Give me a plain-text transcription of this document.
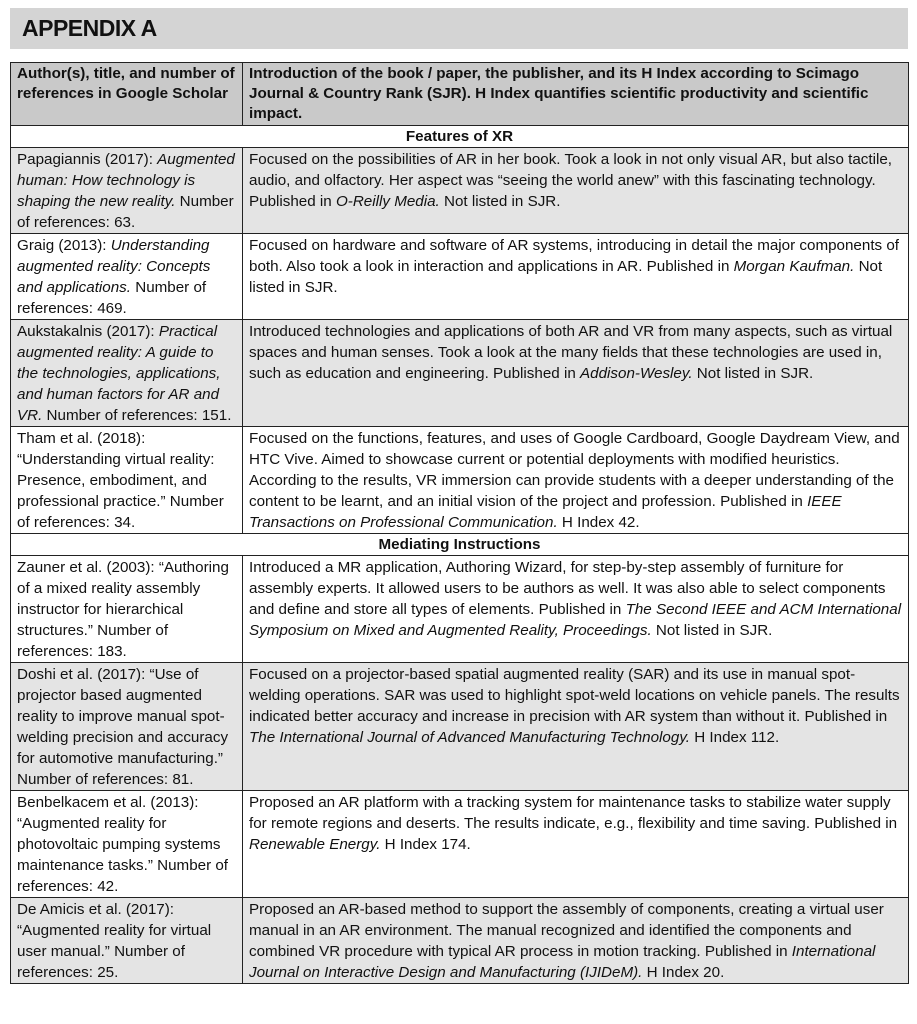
APPENDIX A
Author(s), title, and number of references in Google Scholar	Introduction of the book / paper, the publisher, and its H Index according to Scimago Journal & Country Rank (SJR). H Index quantifies scientific productivity and scientific impact.
Features of XR	
Papagiannis (2017): Augmented human: How technology is shaping the new reality. Number of references: 63.	Focused on the possibilities of AR in her book. Took a look in not only visual AR, but also tactile, audio, and olfactory. Her aspect was “seeing the world anew” with this fascinating technology. Published in O-Reilly Media. Not listed in SJR.
Graig (2013): Understanding augmented reality: Concepts and applications. Number of references: 469.	Focused on hardware and software of AR systems, introducing in detail the major components of both. Also took a look in interaction and applications in AR. Published in Morgan Kaufman. Not listed in SJR.
Aukstakalnis (2017): Practical augmented reality: A guide to the technologies, applications, and human factors for AR and VR. Number of references: 151.	Introduced technologies and applications of both AR and VR from many aspects, such as virtual spaces and human senses. Took a look at the many fields that these technologies are used in, such as education and engineering. Published in Addison-Wesley. Not listed in SJR.
Tham et al. (2018): “Understanding virtual reality: Presence, embodiment, and professional practice.” Number of references: 34.	Focused on the functions, features, and uses of Google Cardboard, Google Daydream View, and HTC Vive. Aimed to showcase current or potential deployments with modified heuristics. According to the results, VR immersion can provide students with a deeper understanding of the content to be learnt, and an initial vision of the project and profession. Published in IEEE Transactions on Professional Communication. H Index 42.
Mediating Instructions	
Zauner et al. (2003): “Authoring of a mixed reality assembly instructor for hierarchical structures.” Number of references: 183.	Introduced a MR application, Authoring Wizard, for step-by-step assembly of furniture for assembly experts. It allowed users to be authors as well. It was also able to select components and define and store all types of elements. Published in The Second IEEE and ACM International Symposium on Mixed and Augmented Reality, Proceedings. Not listed in SJR.
Doshi et al. (2017): “Use of projector based augmented reality to improve manual spot-welding precision and accuracy for automotive manufacturing.” Number of references: 81.	Focused on a projector-based spatial augmented reality (SAR) and its use in manual spot-welding operations. SAR was used to highlight spot-weld locations on vehicle panels. The results indicated better accuracy and increase in precision with AR system than without it. Published in The International Journal of Advanced Manufacturing Technology. H Index 112.
Benbelkacem et al. (2013): “Augmented reality for photovoltaic pumping systems maintenance tasks.” Number of references: 42.	Proposed an AR platform with a tracking system for maintenance tasks to stabilize water supply for remote regions and deserts. The results indicate, e.g., flexibility and time saving. Published in Renewable Energy. H Index 174.
De Amicis et al. (2017): “Augmented reality for virtual user manual.” Number of references: 25.	Proposed an AR-based method to support the assembly of components, creating a virtual user manual in an AR environment. The manual recognized and identified the components and combined VR procedure with typical AR process in motion tracking. Published in International Journal on Interactive Design and Manufacturing (IJIDeM). H Index 20.
